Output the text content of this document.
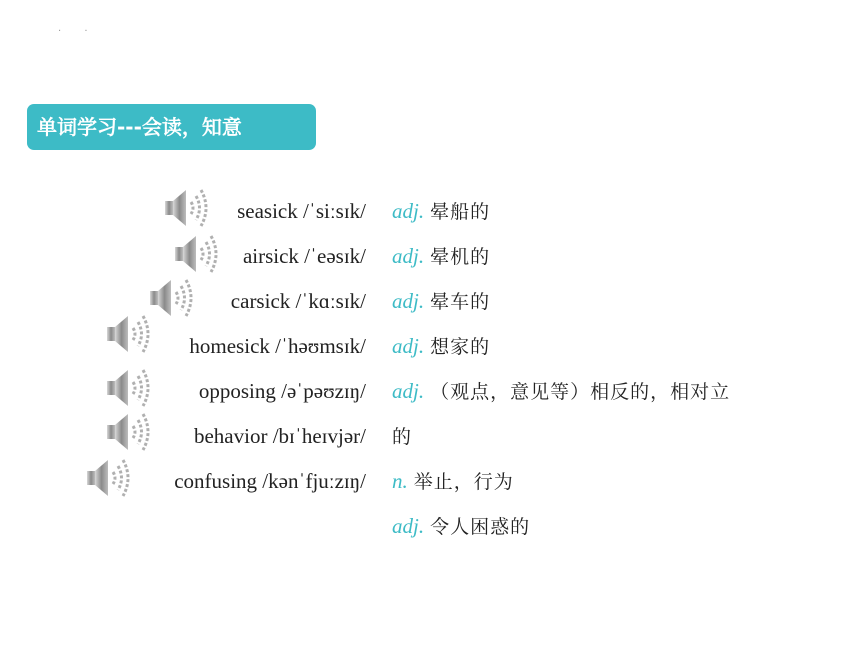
· ·
单词学习---会读，知意
seasick /ˈsiːsɪk/
airsick /ˈeəsɪk/
carsick /ˈkɑːsɪk/
homesick /ˈhəʊmsɪk/
opposing /əˈpəʊzɪŋ/
behavior /bɪˈheɪvjər/
confusing /kənˈfjuːzɪŋ/
adj. 晕船的
adj. 晕机的
adj. 晕车的
adj. 想家的
adj. （观点，意见等）相反的，相对立
的
n. 举止，行为
adj. 令人困惑的
